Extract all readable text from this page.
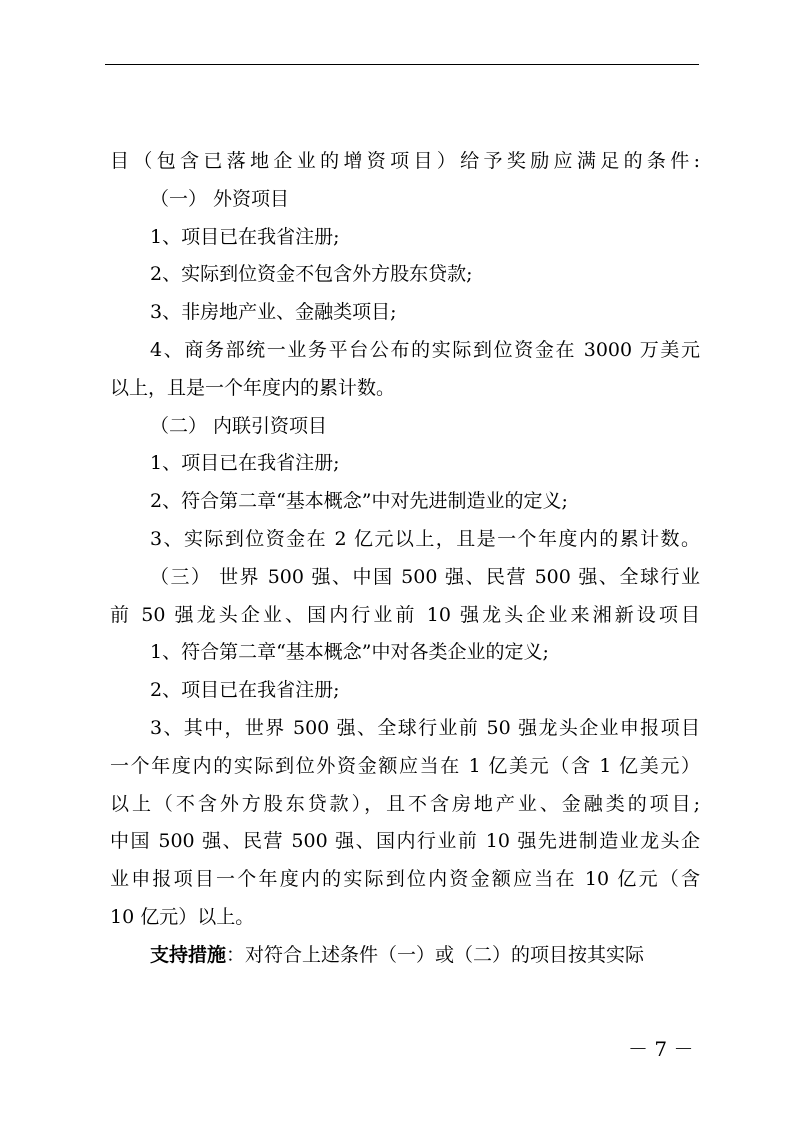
目（包含已落地企业的增资项目）给予奖励应满足的条件:
（一） 外资项目
1、项目已在我省注册;
2、实际到位资金不包含外方股东贷款;
3、非房地产业、金融类项目;
4、商务部统一业务平台公布的实际到位资金在 3000 万美元
以上，且是一个年度内的累计数。
（二） 内联引资项目
1、项目已在我省注册;
2、符合第二章“基本概念”中对先进制造业的定义;
3、实际到位资金在 2 亿元以上，且是一个年度内的累计数。
（三） 世界 500 强、中国 500 强、民营 500 强、全球行业
前 50 强龙头企业、国内行业前 10 强龙头企业来湘新设项目
1、符合第二章“基本概念”中对各类企业的定义;
2、项目已在我省注册;
3、其中，世界 500 强、全球行业前 50 强龙头企业申报项目
一个年度内的实际到位外资金额应当在 1 亿美元（含 1 亿美元）
以上（不含外方股东贷款），且不含房地产业、金融类的项目;
中国 500 强、民营 500 强、国内行业前 10 强先进制造业龙头企
业申报项目一个年度内的实际到位内资金额应当在 10 亿元（含
10 亿元）以上。
支持措施：对符合上述条件（一）或（二）的项目按其实际
－ 7 －
